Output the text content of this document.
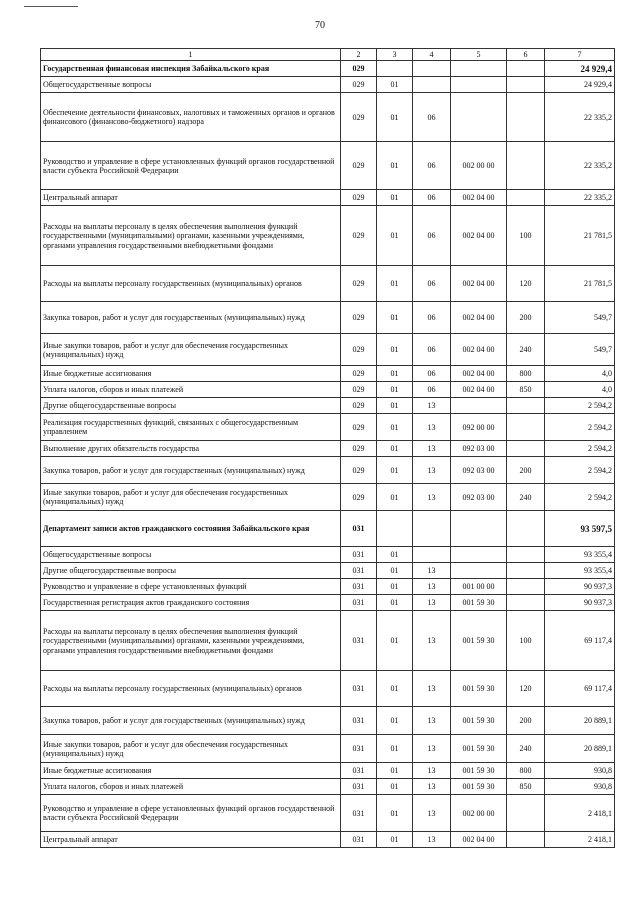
70
1	2	3	4	5	6	7
Государственная финансовая инспекция Забайкальского края	029					24 929,4
Общегосударственные вопросы	029	01				24 929,4
Обеспечение деятельности финансовых, налоговых и таможенных органов и органов финансового (финансово-бюджетного) надзора	029	01	06			22 335,2
Руководство и управление в сфере установленных функций органов государственной власти субъекта Российской Федерации	029	01	06	002 00 00		22 335,2
Центральный аппарат	029	01	06	002 04 00		22 335,2
Расходы на выплаты персоналу в целях обеспечения выполнения функций государственными (муниципальными) органами, казенными учреждениями, органами управления государственными внебюджетными фондами	029	01	06	002 04 00	100	21 781,5
Расходы на выплаты персоналу государственных (муниципальных) органов	029	01	06	002 04 00	120	21 781,5
Закупка товаров, работ и услуг для государственных (муниципальных) нужд	029	01	06	002 04 00	200	549,7
Иные закупки товаров, работ и услуг для обеспечения государственных (муниципальных) нужд	029	01	06	002 04 00	240	549,7
Иные бюджетные ассигнования	029	01	06	002 04 00	800	4,0
Уплата налогов, сборов и иных платежей	029	01	06	002 04 00	850	4,0
Другие общегосударственные вопросы	029	01	13			2 594,2
Реализация государственных функций, связанных с общегосударственным управлением	029	01	13	092 00 00		2 594,2
Выполнение других обязательств государства	029	01	13	092 03 00		2 594,2
Закупка товаров, работ и услуг для государственных (муниципальных) нужд	029	01	13	092 03 00	200	2 594,2
Иные закупки товаров, работ и услуг для обеспечения государственных (муниципальных) нужд	029	01	13	092 03 00	240	2 594,2
Департамент записи актов гражданского состояния Забайкальского края	031					93 597,5
Общегосударственные вопросы	031	01				93 355,4
Другие общегосударственные вопросы	031	01	13			93 355,4
Руководство и управление в сфере установленных функций	031	01	13	001 00 00		90 937,3
Государственная регистрация актов гражданского состояния	031	01	13	001 59 30		90 937,3
Расходы на выплаты персоналу в целях обеспечения выполнения функций государственными (муниципальными) органами, казенными учреждениями, органами управления государственными внебюджетными фондами	031	01	13	001 59 30	100	69 117,4
Расходы на выплаты персоналу государственных (муниципальных) органов	031	01	13	001 59 30	120	69 117,4
Закупка товаров, работ и услуг для государственных (муниципальных) нужд	031	01	13	001 59 30	200	20 889,1
Иные закупки товаров, работ и услуг для обеспечения государственных (муниципальных) нужд	031	01	13	001 59 30	240	20 889,1
Иные бюджетные ассигнования	031	01	13	001 59 30	800	930,8
Уплата налогов, сборов и иных платежей	031	01	13	001 59 30	850	930,8
Руководство и управление в сфере установленных функций органов государственной власти субъекта Российской Федерации	031	01	13	002 00 00		2 418,1
Центральный аппарат	031	01	13	002 04 00		2 418,1
